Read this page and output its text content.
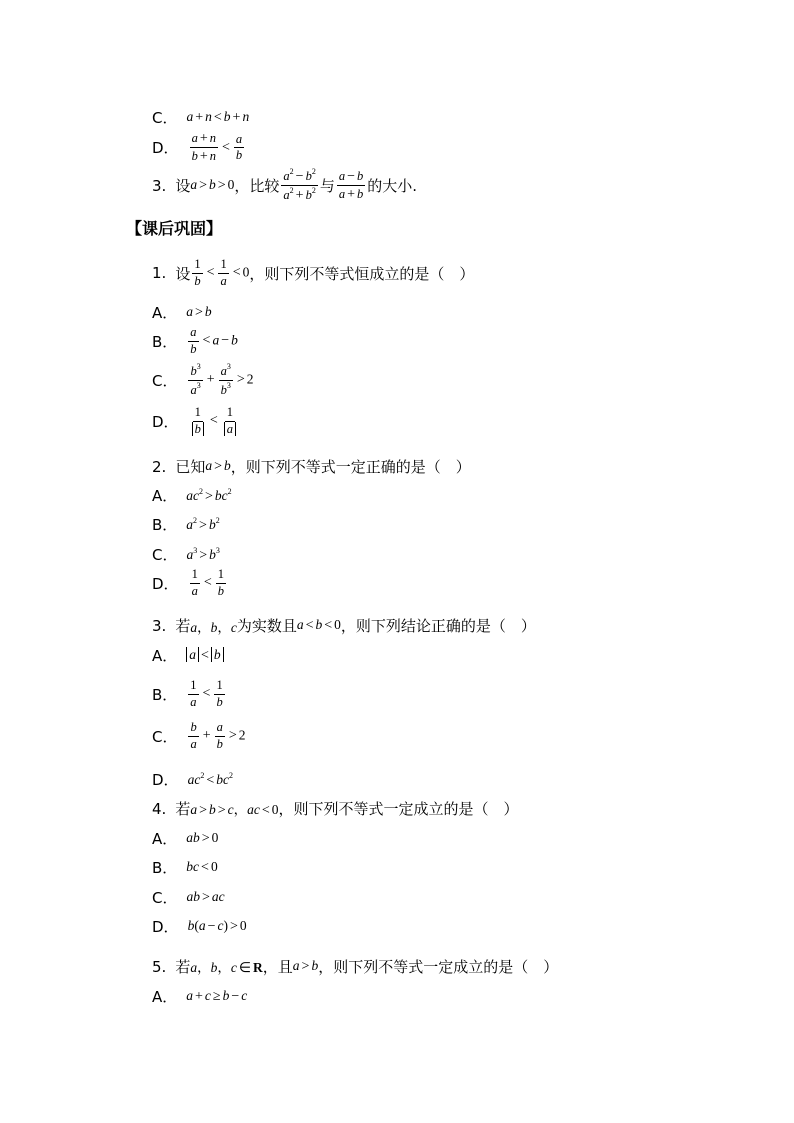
C． a + n < b + n
D． $\frac{a + n}{b + n} < \frac{a}{b}$
3. 设 a > b > 0 ，比较 $\frac{a^2 - b^2}{a^2 + b^2}$ 与 $\frac{a - b}{a + b}$ 的大小.
【课后巩固】
1. 设 $\frac{1}{b} < \frac{1}{a} < 0$ ，则下列不等式恒成立的是（　）
A． a > b
B． $\frac{a}{b} < a - b$
C． $\frac{b^3}{a^3} + \frac{a^3}{b^3} > 2$
D． $\frac{1}{b} < \frac{1}{a}$
2. 已知 a > b ，则下列不等式一定正确的是（　）
A． $ac^2 > bc^2$
B． $a^2 > b^2$
C． $a^3 > b^3$
D． $\frac{1}{a} < \frac{1}{b}$
3. 若 a，b，c 为实数且 a < b < 0 ，则下列结论正确的是（　）
A． a < b
B． $\frac{1}{a} < \frac{1}{b}$
C． $\frac{b}{a} + \frac{a}{b} > 2$
D． $ac^2 < bc^2$
4. 若 a > b > c，ac < 0 ，则下列不等式一定成立的是（　）
A． ab > 0
B． bc < 0
C． ab > ac
D． b(a − c) > 0
5. 若 a，b，c ∈ R ，且 a > b ，则下列不等式一定成立的是（　）
A． a + c ≥ b − c
